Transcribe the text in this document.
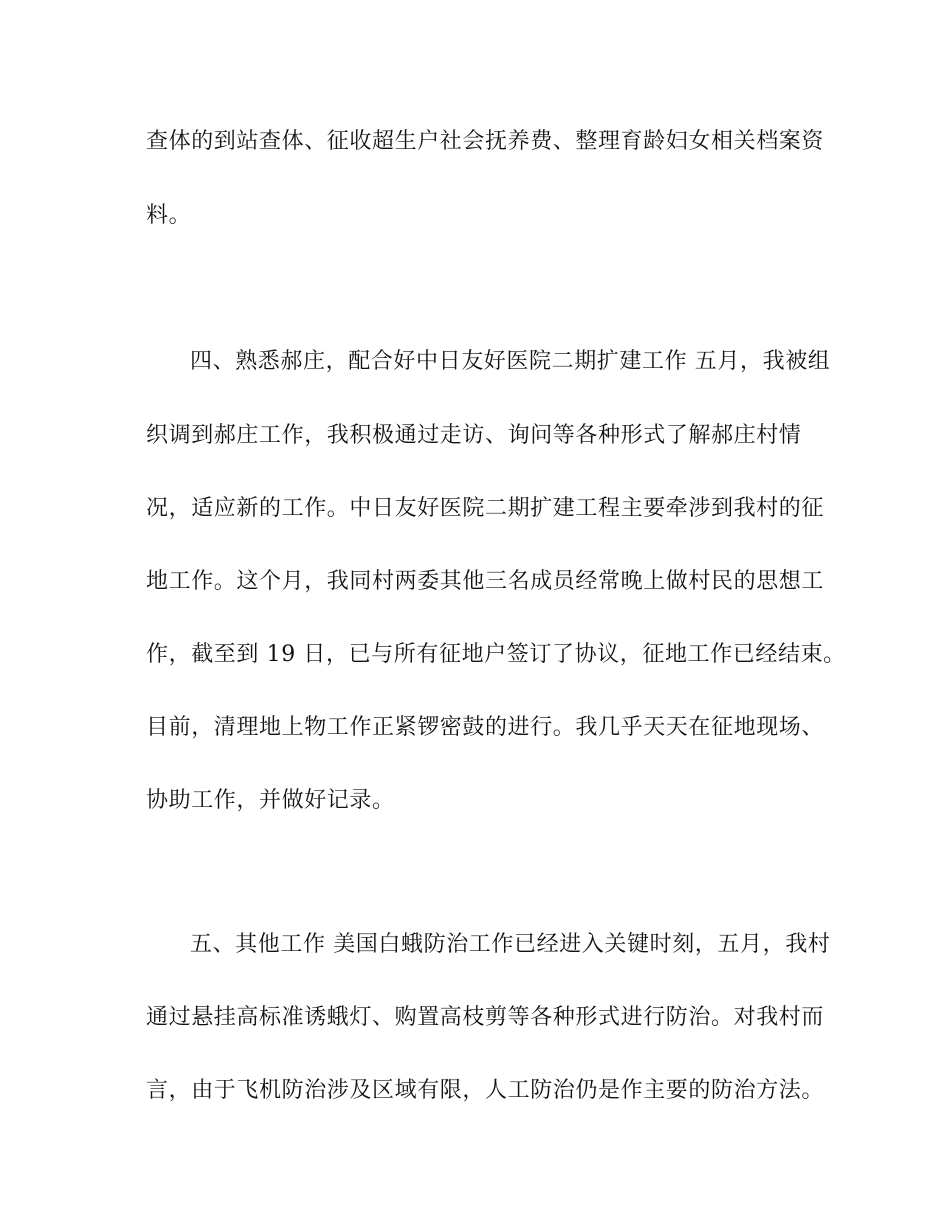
查体的到站查体、征收超生户社会抚养费、整理育龄妇女相关档案资
料。
四、熟悉郝庄，配合好中日友好医院二期扩建工作 五月，我被组
织调到郝庄工作，我积极通过走访、询问等各种形式了解郝庄村情
况，适应新的工作。中日友好医院二期扩建工程主要牵涉到我村的征
地工作。这个月，我同村两委其他三名成员经常晚上做村民的思想工
作，截至到 19 日，已与所有征地户签订了协议，征地工作已经结束。
目前，清理地上物工作正紧锣密鼓的进行。我几乎天天在征地现场、
协助工作，并做好记录。
五、其他工作 美国白蛾防治工作已经进入关键时刻，五月，我村
通过悬挂高标准诱蛾灯、购置高枝剪等各种形式进行防治。对我村而
言，由于飞机防治涉及区域有限，人工防治仍是作主要的防治方法。
